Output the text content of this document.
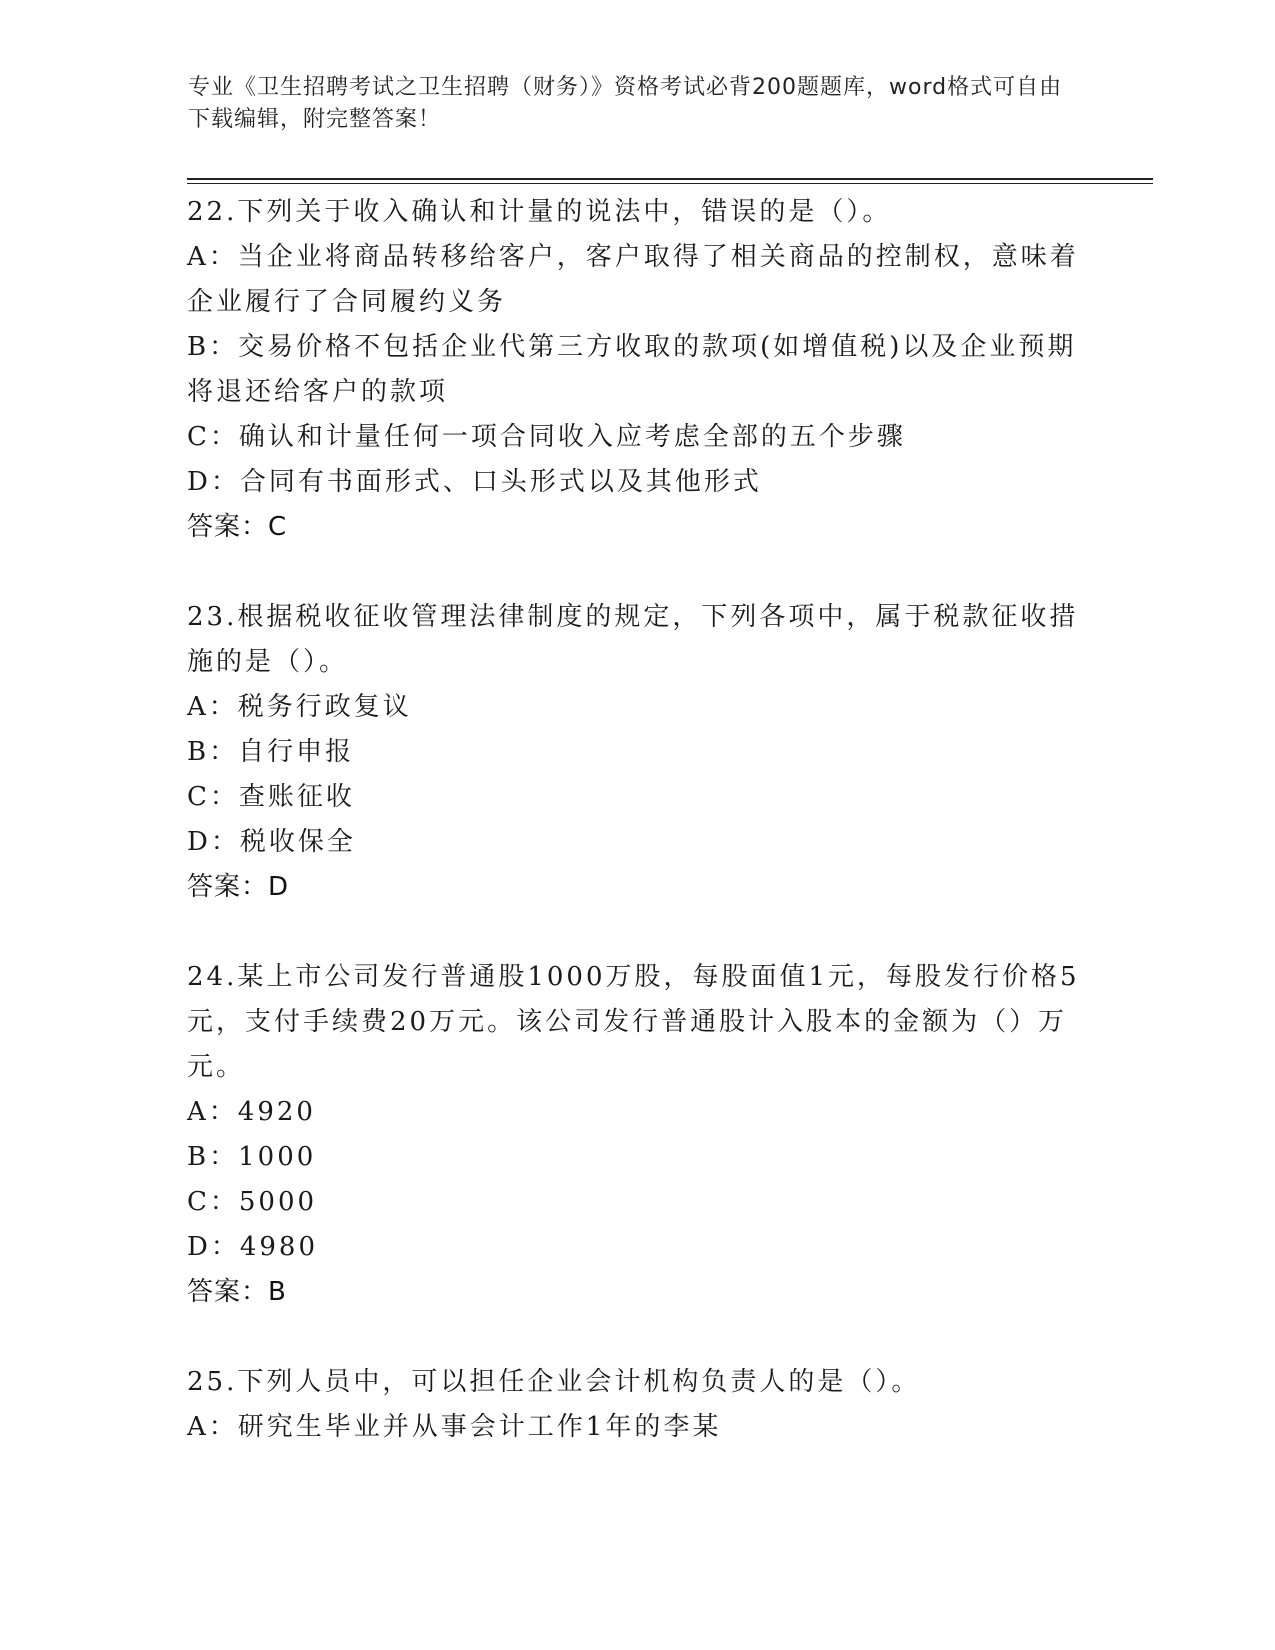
专业《卫生招聘考试之卫生招聘（财务）》资格考试必背200题题库，word格式可自由下载编辑，附完整答案！
22.下列关于收入确认和计量的说法中，错误的是（）。
A：当企业将商品转移给客户，客户取得了相关商品的控制权，意味着企业履行了合同履约义务
B：交易价格不包括企业代第三方收取的款项(如增值税)以及企业预期将退还给客户的款项
C：确认和计量任何一项合同收入应考虑全部的五个步骤
D：合同有书面形式、口头形式以及其他形式
答案：C
23.根据税收征收管理法律制度的规定，下列各项中，属于税款征收措施的是（）。
A：税务行政复议
B：自行申报
C：查账征收
D：税收保全
答案：D
24.某上市公司发行普通股1000万股，每股面值1元，每股发行价格5元，支付手续费20万元。该公司发行普通股计入股本的金额为（）万元。
A：4920
B：1000
C：5000
D：4980
答案：B
25.下列人员中，可以担任企业会计机构负责人的是（）。
A：研究生毕业并从事会计工作1年的李某
